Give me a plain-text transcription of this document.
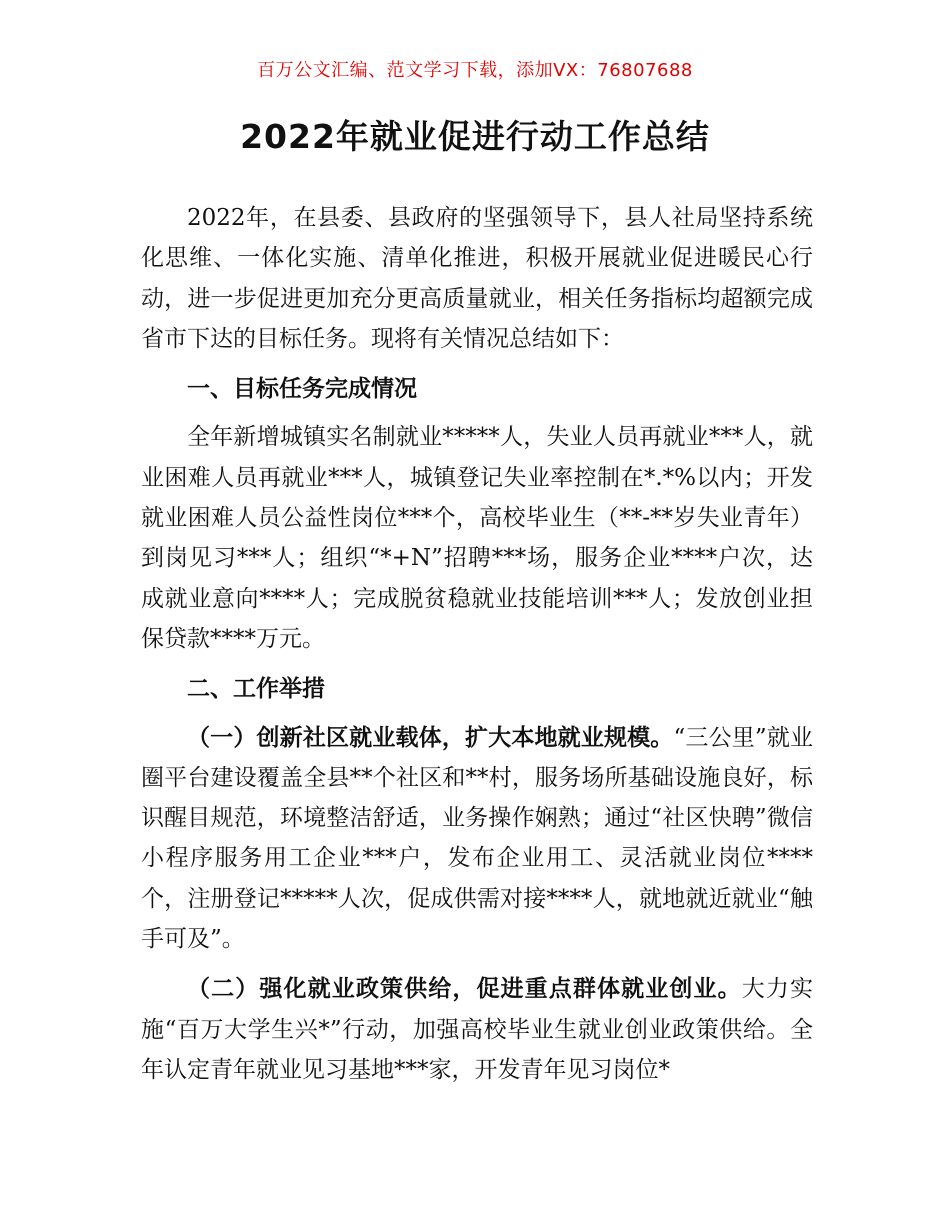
百万公文汇编、范文学习下载，添加VX：76807688
2022年就业促进行动工作总结

2022年，在县委、县政府的坚强领导下，县人社局坚持系统化思维、一体化实施、清单化推进，积极开展就业促进暖民心行动，进一步促进更加充分更高质量就业，相关任务指标均超额完成省市下达的目标任务。现将有关情况总结如下：

一、目标任务完成情况

全年新增城镇实名制就业*****人，失业人员再就业***人，就业困难人员再就业***人，城镇登记失业率控制在*.*%以内；开发就业困难人员公益性岗位***个，高校毕业生（**-**岁失业青年）到岗见习***人；组织“*+N”招聘***场，服务企业****户次，达成就业意向****人；完成脱贫稳就业技能培训***人；发放创业担保贷款****万元。

二、工作举措

（一）创新社区就业载体，扩大本地就业规模。“三公里”就业圈平台建设覆盖全县**个社区和**村，服务场所基础设施良好，标识醒目规范，环境整洁舒适，业务操作娴熟；通过“社区快聘”微信小程序服务用工企业***户，发布企业用工、灵活就业岗位****个，注册登记*****人次，促成供需对接****人，就地就近就业“触手可及”。

（二）强化就业政策供给，促进重点群体就业创业。大力实施“百万大学生兴*”行动，加强高校毕业生就业创业政策供给。全年认定青年就业见习基地***家，开发青年见习岗位*
